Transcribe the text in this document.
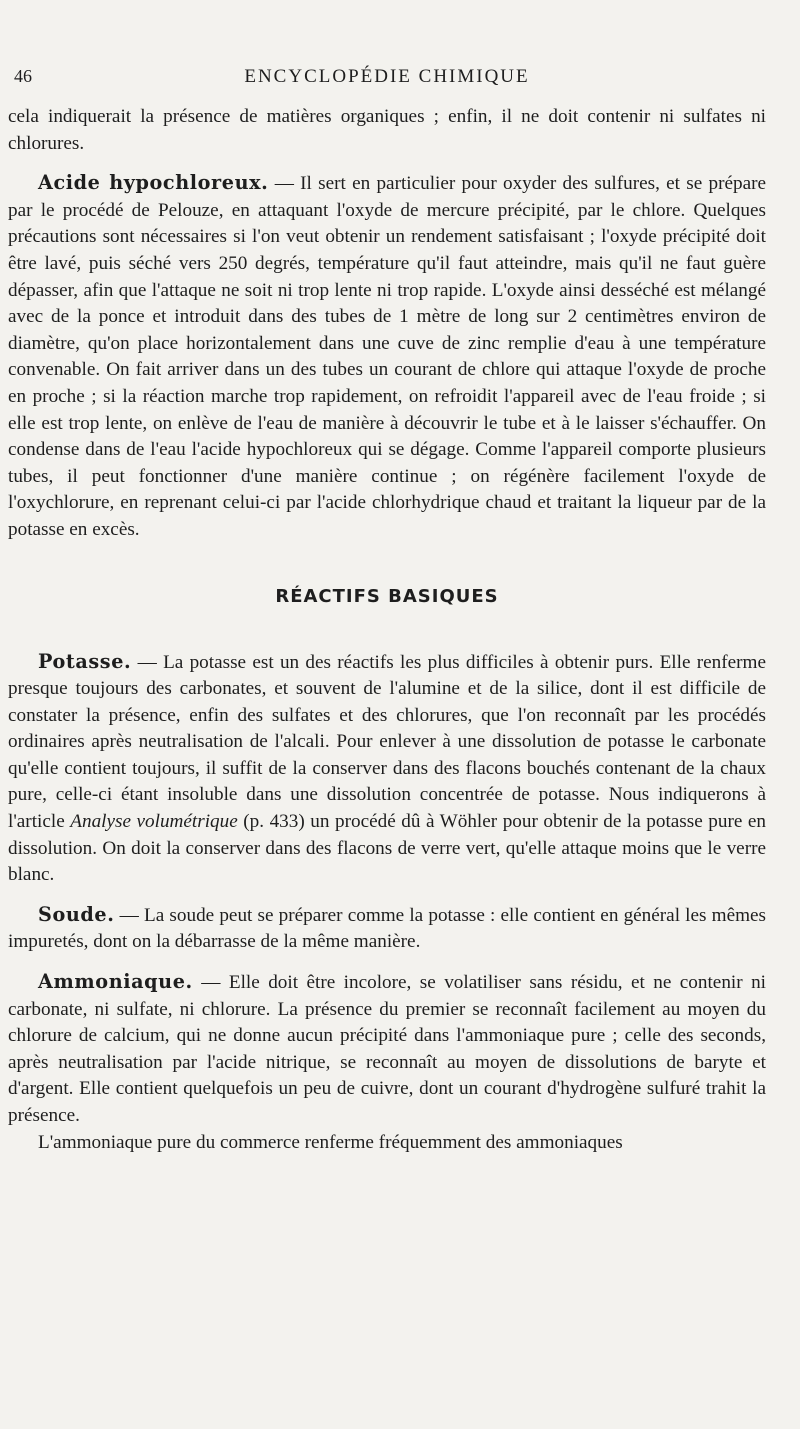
46	ENCYCLOPÉDIE CHIMIQUE

cela indiquerait la présence de matières organiques ; enfin, il ne doit contenir ni sulfates ni chlorures.

Acide hypochloreux. — Il sert en particulier pour oxyder des sulfures, et se prépare par le procédé de Pelouze, en attaquant l'oxyde de mercure précipité, par le chlore. Quelques précautions sont nécessaires si l'on veut obtenir un rendement satisfaisant ; l'oxyde précipité doit être lavé, puis séché vers 250 degrés, température qu'il faut atteindre, mais qu'il ne faut guère dépasser, afin que l'attaque ne soit ni trop lente ni trop rapide. L'oxyde ainsi desséché est mélangé avec de la ponce et introduit dans des tubes de 1 mètre de long sur 2 centimètres environ de diamètre, qu'on place horizontalement dans une cuve de zinc remplie d'eau à une température convenable. On fait arriver dans un des tubes un courant de chlore qui attaque l'oxyde de proche en proche ; si la réaction marche trop rapidement, on refroidit l'appareil avec de l'eau froide ; si elle est trop lente, on enlève de l'eau de manière à découvrir le tube et à le laisser s'échauffer. On condense dans de l'eau l'acide hypochloreux qui se dégage. Comme l'appareil comporte plusieurs tubes, il peut fonctionner d'une manière continue ; on régénère facilement l'oxyde de l'oxychlorure, en reprenant celui-ci par l'acide chlorhydrique chaud et traitant la liqueur par de la potasse en excès.

RÉACTIFS BASIQUES

Potasse. — La potasse est un des réactifs les plus difficiles à obtenir purs. Elle renferme presque toujours des carbonates, et souvent de l'alumine et de la silice, dont il est difficile de constater la présence, enfin des sulfates et des chlorures, que l'on reconnaît par les procédés ordinaires après neutralisation de l'alcali. Pour enlever à une dissolution de potasse le carbonate qu'elle contient toujours, il suffit de la conserver dans des flacons bouchés contenant de la chaux pure, celle-ci étant insoluble dans une dissolution concentrée de potasse. Nous indiquerons à l'article Analyse volumétrique (p. 433) un procédé dû à Wöhler pour obtenir de la potasse pure en dissolution. On doit la conserver dans des flacons de verre vert, qu'elle attaque moins que le verre blanc.

Soude. — La soude peut se préparer comme la potasse : elle contient en général les mêmes impuretés, dont on la débarrasse de la même manière.

Ammoniaque. — Elle doit être incolore, se volatiliser sans résidu, et ne contenir ni carbonate, ni sulfate, ni chlorure. La présence du premier se reconnaît facilement au moyen du chlorure de calcium, qui ne donne aucun précipité dans l'ammoniaque pure ; celle des seconds, après neutralisation par l'acide nitrique, se reconnaît au moyen de dissolutions de baryte et d'argent. Elle contient quelquefois un peu de cuivre, dont un courant d'hydrogène sulfuré trahit la présence.

L'ammoniaque pure du commerce renferme fréquemment des ammoniaques
